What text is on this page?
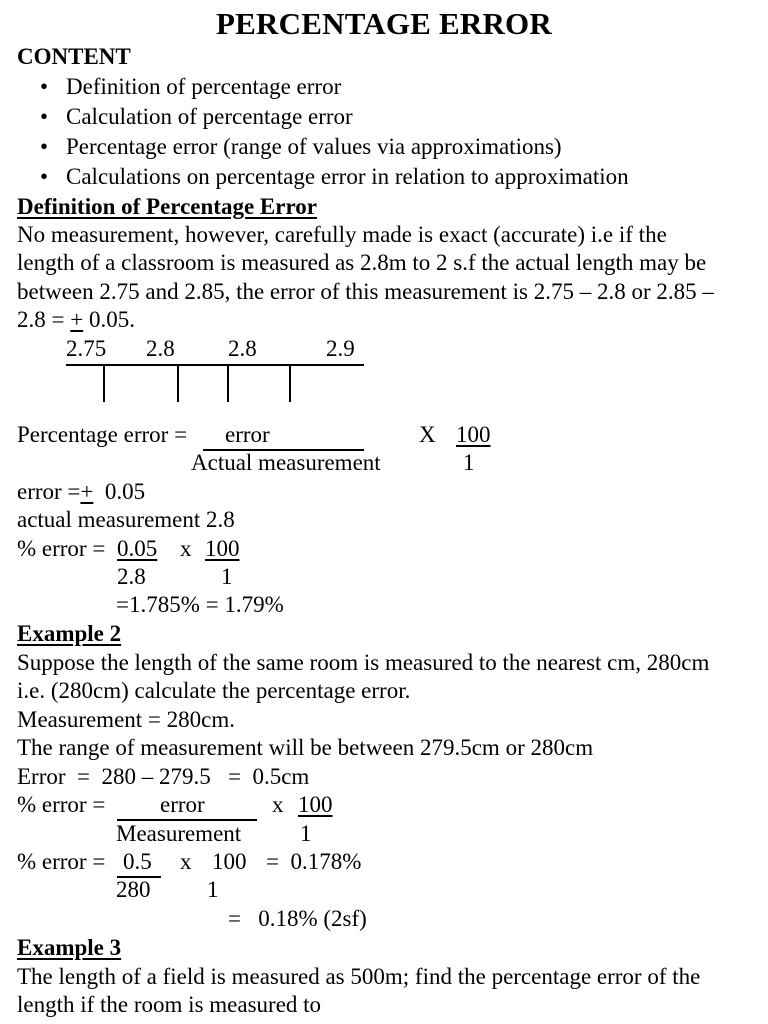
PERCENTAGE ERROR
CONTENT
• Definition of percentage error
• Calculation of percentage error
• Percentage error (range of values via approximations)
• Calculations on percentage error in relation to approximation
Definition of Percentage Error
No measurement, however, carefully made is exact (accurate) i.e if the
length of a classroom is measured as 2.8m to 2 s.f the actual length may be
between 2.75 and 2.85, the error of this measurement is 2.75 – 2.8 or 2.85 –
2.8 = + 0.05.
2.75 2.8 2.8	2.9
Percentage error = error
Actual measurement
X 100
1
error =+  0.05
actual measurement 2.8
% error = 0.05 x 100
2.8	1
=1.785% = 1.79%
Example 2
Suppose the length of the same room is measured to the nearest cm, 280cm
i.e. (280cm) calculate the percentage error.
Measurement = 280cm.
The range of measurement will be between 279.5cm or 280cm
Error  =  280 – 279.5   =  0.5cm
% error = error	x 100
Measurement	1
% error = 0.5 x 100 =  0.178%
280 1
=   0.18% (2sf)
Example 3
The length of a field is measured as 500m; find the percentage error of the
length if the room is measured to
